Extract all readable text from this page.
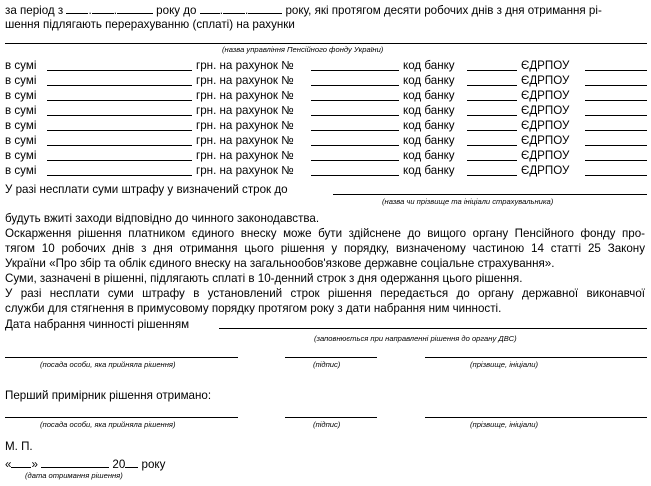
за період з . .	року до . .	року, які протягом десяти робочих днів з дня отримання рі-
шення підлягають перерахуванню (сплаті) на рахунки
(назва управління Пенсійного фонду України)
в сумі	грн. на рахунок №	код банку	ЄДРПОУ
в сумі	грн. на рахунок №	код банку	ЄДРПОУ
в сумі	грн. на рахунок №	код банку	ЄДРПОУ
в сумі	грн. на рахунок №	код банку	ЄДРПОУ
в сумі	грн. на рахунок №	код банку	ЄДРПОУ
в сумі	грн. на рахунок №	код банку	ЄДРПОУ
в сумі	грн. на рахунок №	код банку	ЄДРПОУ
в сумі	грн. на рахунок №	код банку	ЄДРПОУ
У разі несплати суми штрафу у визначений строк до
(назва чи прізвище та ініціали страхувальника)
будуть вжиті заходи відповідно до чинного законодавства.
Оскарження рішення платником єдиного внеску може бути здійснене до вищого органу Пенсійного фонду про-
тягом 10 робочих днів з дня отримання цього рішення у порядку, визначеному частиною 14 статті 25 Закону
України «Про збір та облік єдиного внеску на загальнообов'язкове державне соціальне страхування».
Суми, зазначені в рішенні, підлягають сплаті в 10-денний строк з дня одержання цього рішення.
У разі несплати суми штрафу в установлений строк рішення передається до органу державної виконавчої
служби для стягнення в примусовому порядку протягом року з дати набрання ним чинності.
Дата набрання чинності рішенням
(заповнюється при направленні рішення до органу ДВС)
(посада особи, яка прийняла рішення)	(підпис)	(прізвище, ініціали)
Перший примірник рішення отримано:
(посада особи, яка прийняла рішення)	(підпис)	(прізвище, ініціали)
М. П.
« »	20 року
(дата отримання рішення)
